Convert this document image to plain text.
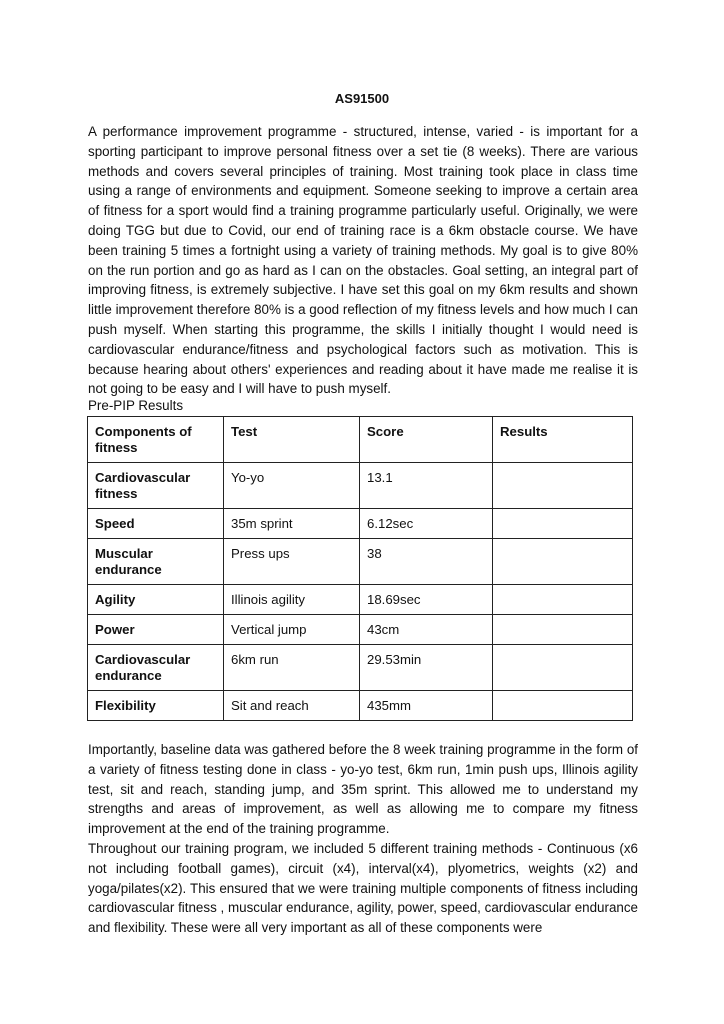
AS91500

A performance improvement programme - structured, intense, varied - is important for a sporting participant to improve personal fitness over a set tie (8 weeks). There are various methods and covers several principles of training. Most training took place in class time using a range of environments and equipment. Someone seeking to improve a certain area of fitness for a sport would find a training programme particularly useful. Originally, we were doing TGG but due to Covid, our end of training race is a 6km obstacle course. We have been training 5 times a fortnight using a variety of training methods. My goal is to give 80% on the run portion and go as hard as I can on the obstacles. Goal setting, an integral part of improving fitness, is extremely subjective. I have set this goal on my 6km results and shown little improvement therefore 80% is a good reflection of my fitness levels and how much I can push myself. When starting this programme, the skills I initially thought I would need is cardiovascular endurance/fitness and psychological factors such as motivation. This is because hearing about others' experiences and reading about it have made me realise it is not going to be easy and I will have to push myself.

Pre-PIP Results
Components of fitness	Test	Score	Results
Cardiovascular fitness	Yo-yo	13.1	
Speed	35m sprint	6.12sec	
Muscular endurance	Press ups	38	
Agility	Illinois agility	18.69sec	
Power	Vertical jump	43cm	
Cardiovascular endurance	6km run	29.53min	
Flexibility	Sit and reach	435mm	

Importantly, baseline data was gathered before the 8 week training programme in the form of a variety of fitness testing done in class - yo-yo test, 6km run, 1min push ups, Illinois agility test, sit and reach, standing jump, and 35m sprint. This allowed me to understand my strengths and areas of improvement, as well as allowing me to compare my fitness improvement at the end of the training programme.

Throughout our training program, we included 5 different training methods - Continuous (x6 not including football games), circuit (x4), interval(x4), plyometrics, weights (x2) and yoga/pilates(x2). This ensured that we were training multiple components of fitness including cardiovascular fitness , muscular endurance, agility, power, speed, cardiovascular endurance and flexibility. These were all very important as all of these components were
